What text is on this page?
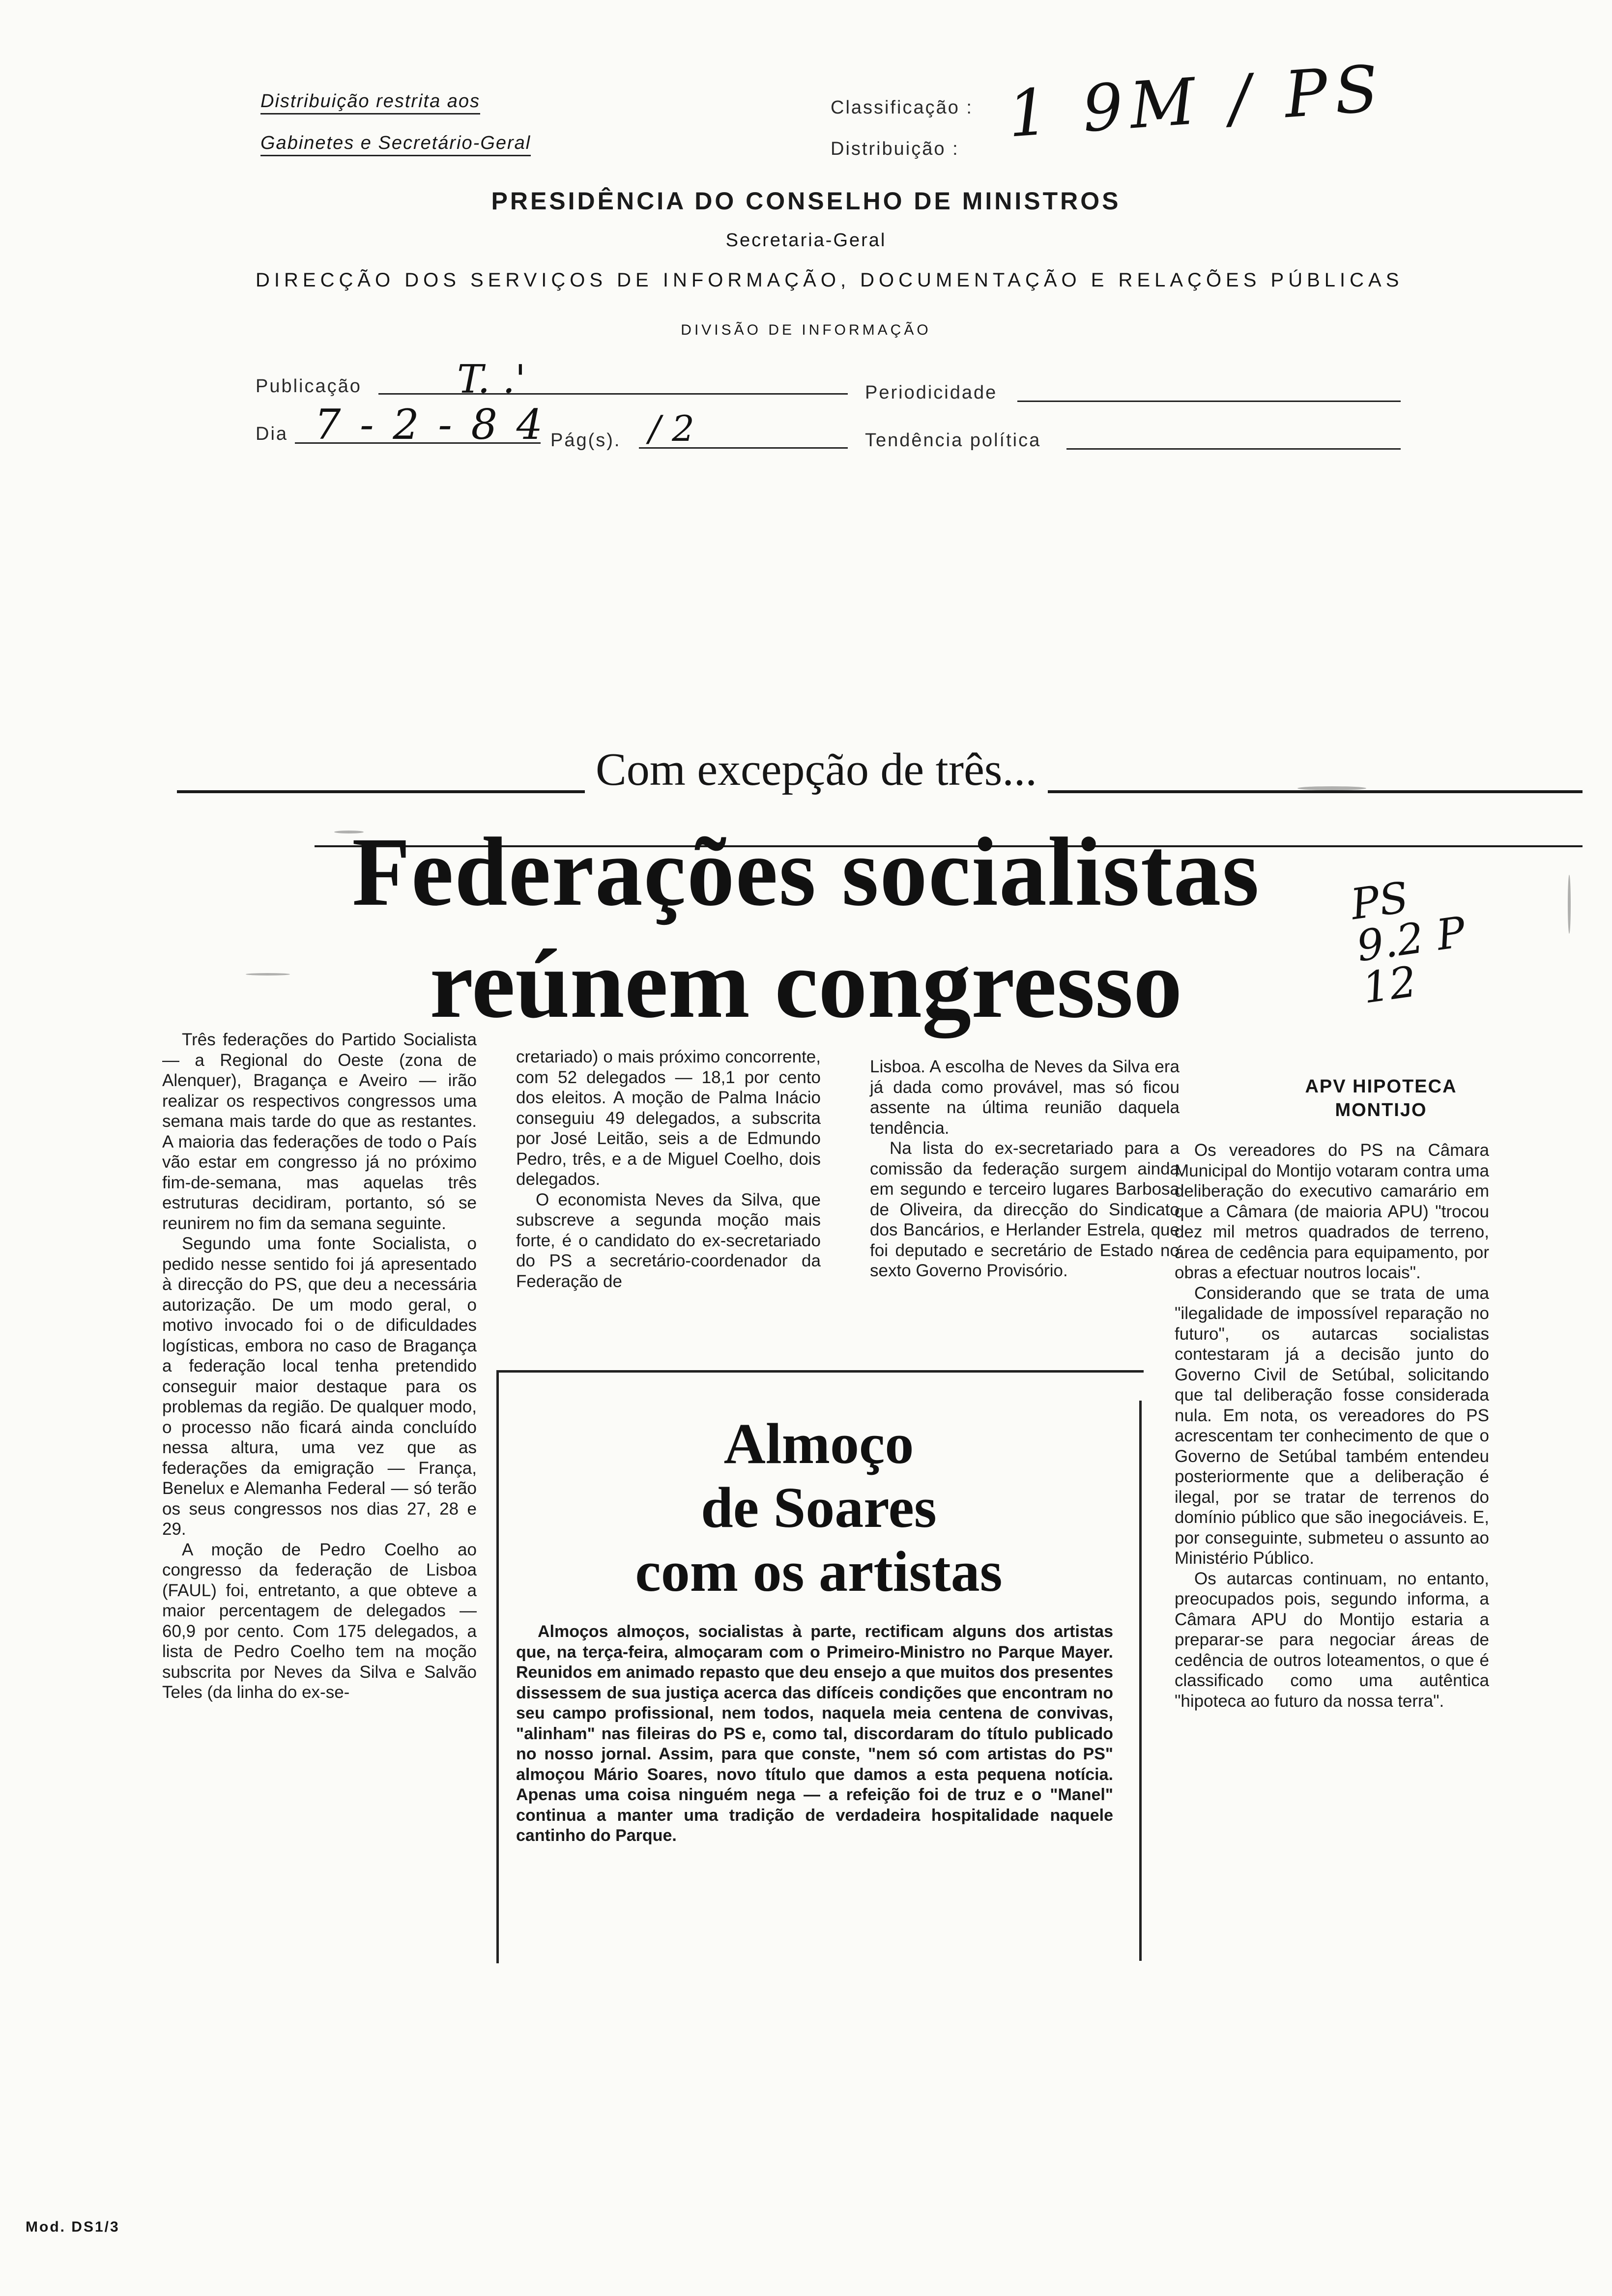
Distribuição restrita aos
Gabinetes e Secretário-Geral
Classificação : 1 9M / PS
Distribuição :
PRESIDÊNCIA DO CONSELHO DE MINISTROS
Secretaria-Geral
DIRECÇÃO DOS SERVIÇOS DE INFORMAÇÃO, DOCUMENTAÇÃO E RELAÇÕES PÚBLICAS
DIVISÃO DE INFORMAÇÃO
Publicação T. .'	Periodicidade
Dia 7 - 2 - 8 4 Pág(s). / 2	Tendência política
Com excepção de três...
Federações socialistas
reúnem congresso
PS 9.2 P 12

Três federações do Partido Socialista — a Regional do Oeste (zona de Alenquer), Bragança e Aveiro — irão realizar os respectivos congressos uma semana mais tarde do que as restantes. A maioria das federações de todo o País vão estar em congresso já no próximo fim-de-semana, mas aquelas três estruturas decidiram, portanto, só se reunirem no fim da semana seguinte.

Segundo uma fonte Socialista, o pedido nesse sentido foi já apresentado à direcção do PS, que deu a necessária autorização. De um modo geral, o motivo invocado foi o de dificuldades logísticas, embora no caso de Bragança a federação local tenha pretendido conseguir maior destaque para os problemas da região. De qualquer modo, o processo não ficará ainda concluído nessa altura, uma vez que as federações da emigração — França, Benelux e Alemanha Federal — só terão os seus congressos nos dias 27, 28 e 29.

A moção de Pedro Coelho ao congresso da federação de Lisboa (FAUL) foi, entretanto, a que obteve a maior percentagem de delegados — 60,9 por cento. Com 175 delegados, a lista de Pedro Coelho tem na moção subscrita por Neves da Silva e Salvão Teles (da linha do ex-se-

cretariado) o mais próximo concorrente, com 52 delegados — 18,1 por cento dos eleitos. A moção de Palma Inácio conseguiu 49 delegados, a subscrita por José Leitão, seis a de Edmundo Pedro, três, e a de Miguel Coelho, dois delegados.

O economista Neves da Silva, que subscreve a segunda moção mais forte, é o candidato do ex-secretariado do PS a secretário-coordenador da Federação de

Lisboa. A escolha de Neves da Silva era já dada como provável, mas só ficou assente na última reunião daquela tendência.

Na lista do ex-secretariado para a comissão da federação surgem ainda em segundo e terceiro lugares Barbosa de Oliveira, da direcção do Sindicato dos Bancários, e Herlander Estrela, que foi deputado e secretário de Estado no sexto Governo Provisório.

APV HIPOTECA
MONTIJO

Os vereadores do PS na Câmara Municipal do Montijo votaram contra uma deliberação do executivo camarário em que a Câmara (de maioria APU) "trocou dez mil metros quadrados de terreno, área de cedência para equipamento, por obras a efectuar noutros locais".

Considerando que se trata de uma "ilegalidade de impossível reparação no futuro", os autarcas socialistas contestaram já a decisão junto do Governo Civil de Setúbal, solicitando que tal deliberação fosse considerada nula. Em nota, os vereadores do PS acrescentam ter conhecimento de que o Governo de Setúbal também entendeu posteriormente que a deliberação é ilegal, por se tratar de terrenos do domínio público que são inegociáveis. E, por conseguinte, submeteu o assunto ao Ministério Público.

Os autarcas continuam, no entanto, preocupados pois, segundo informa, a Câmara APU do Montijo estaria a preparar-se para negociar áreas de cedência de outros loteamentos, o que é classificado como uma autêntica "hipoteca ao futuro da nossa terra".

Almoço
de Soares
com os artistas

Almoços almoços, socialistas à parte, rectificam alguns dos artistas que, na terça-feira, almoçaram com o Primeiro-Ministro no Parque Mayer. Reunidos em animado repasto que deu ensejo a que muitos dos presentes dissessem de sua justiça acerca das difíceis condições que encontram no seu campo profissional, nem todos, naquela meia centena de convivas, "alinham" nas fileiras do PS e, como tal, discordaram do título publicado no nosso jornal. Assim, para que conste, "nem só com artistas do PS" almoçou Mário Soares, novo título que damos a esta pequena notícia. Apenas uma coisa ninguém nega — a refeição foi de truz e o "Manel" continua a manter uma tradição de verdadeira hospitalidade naquele cantinho do Parque.

Mod. DS1/3
